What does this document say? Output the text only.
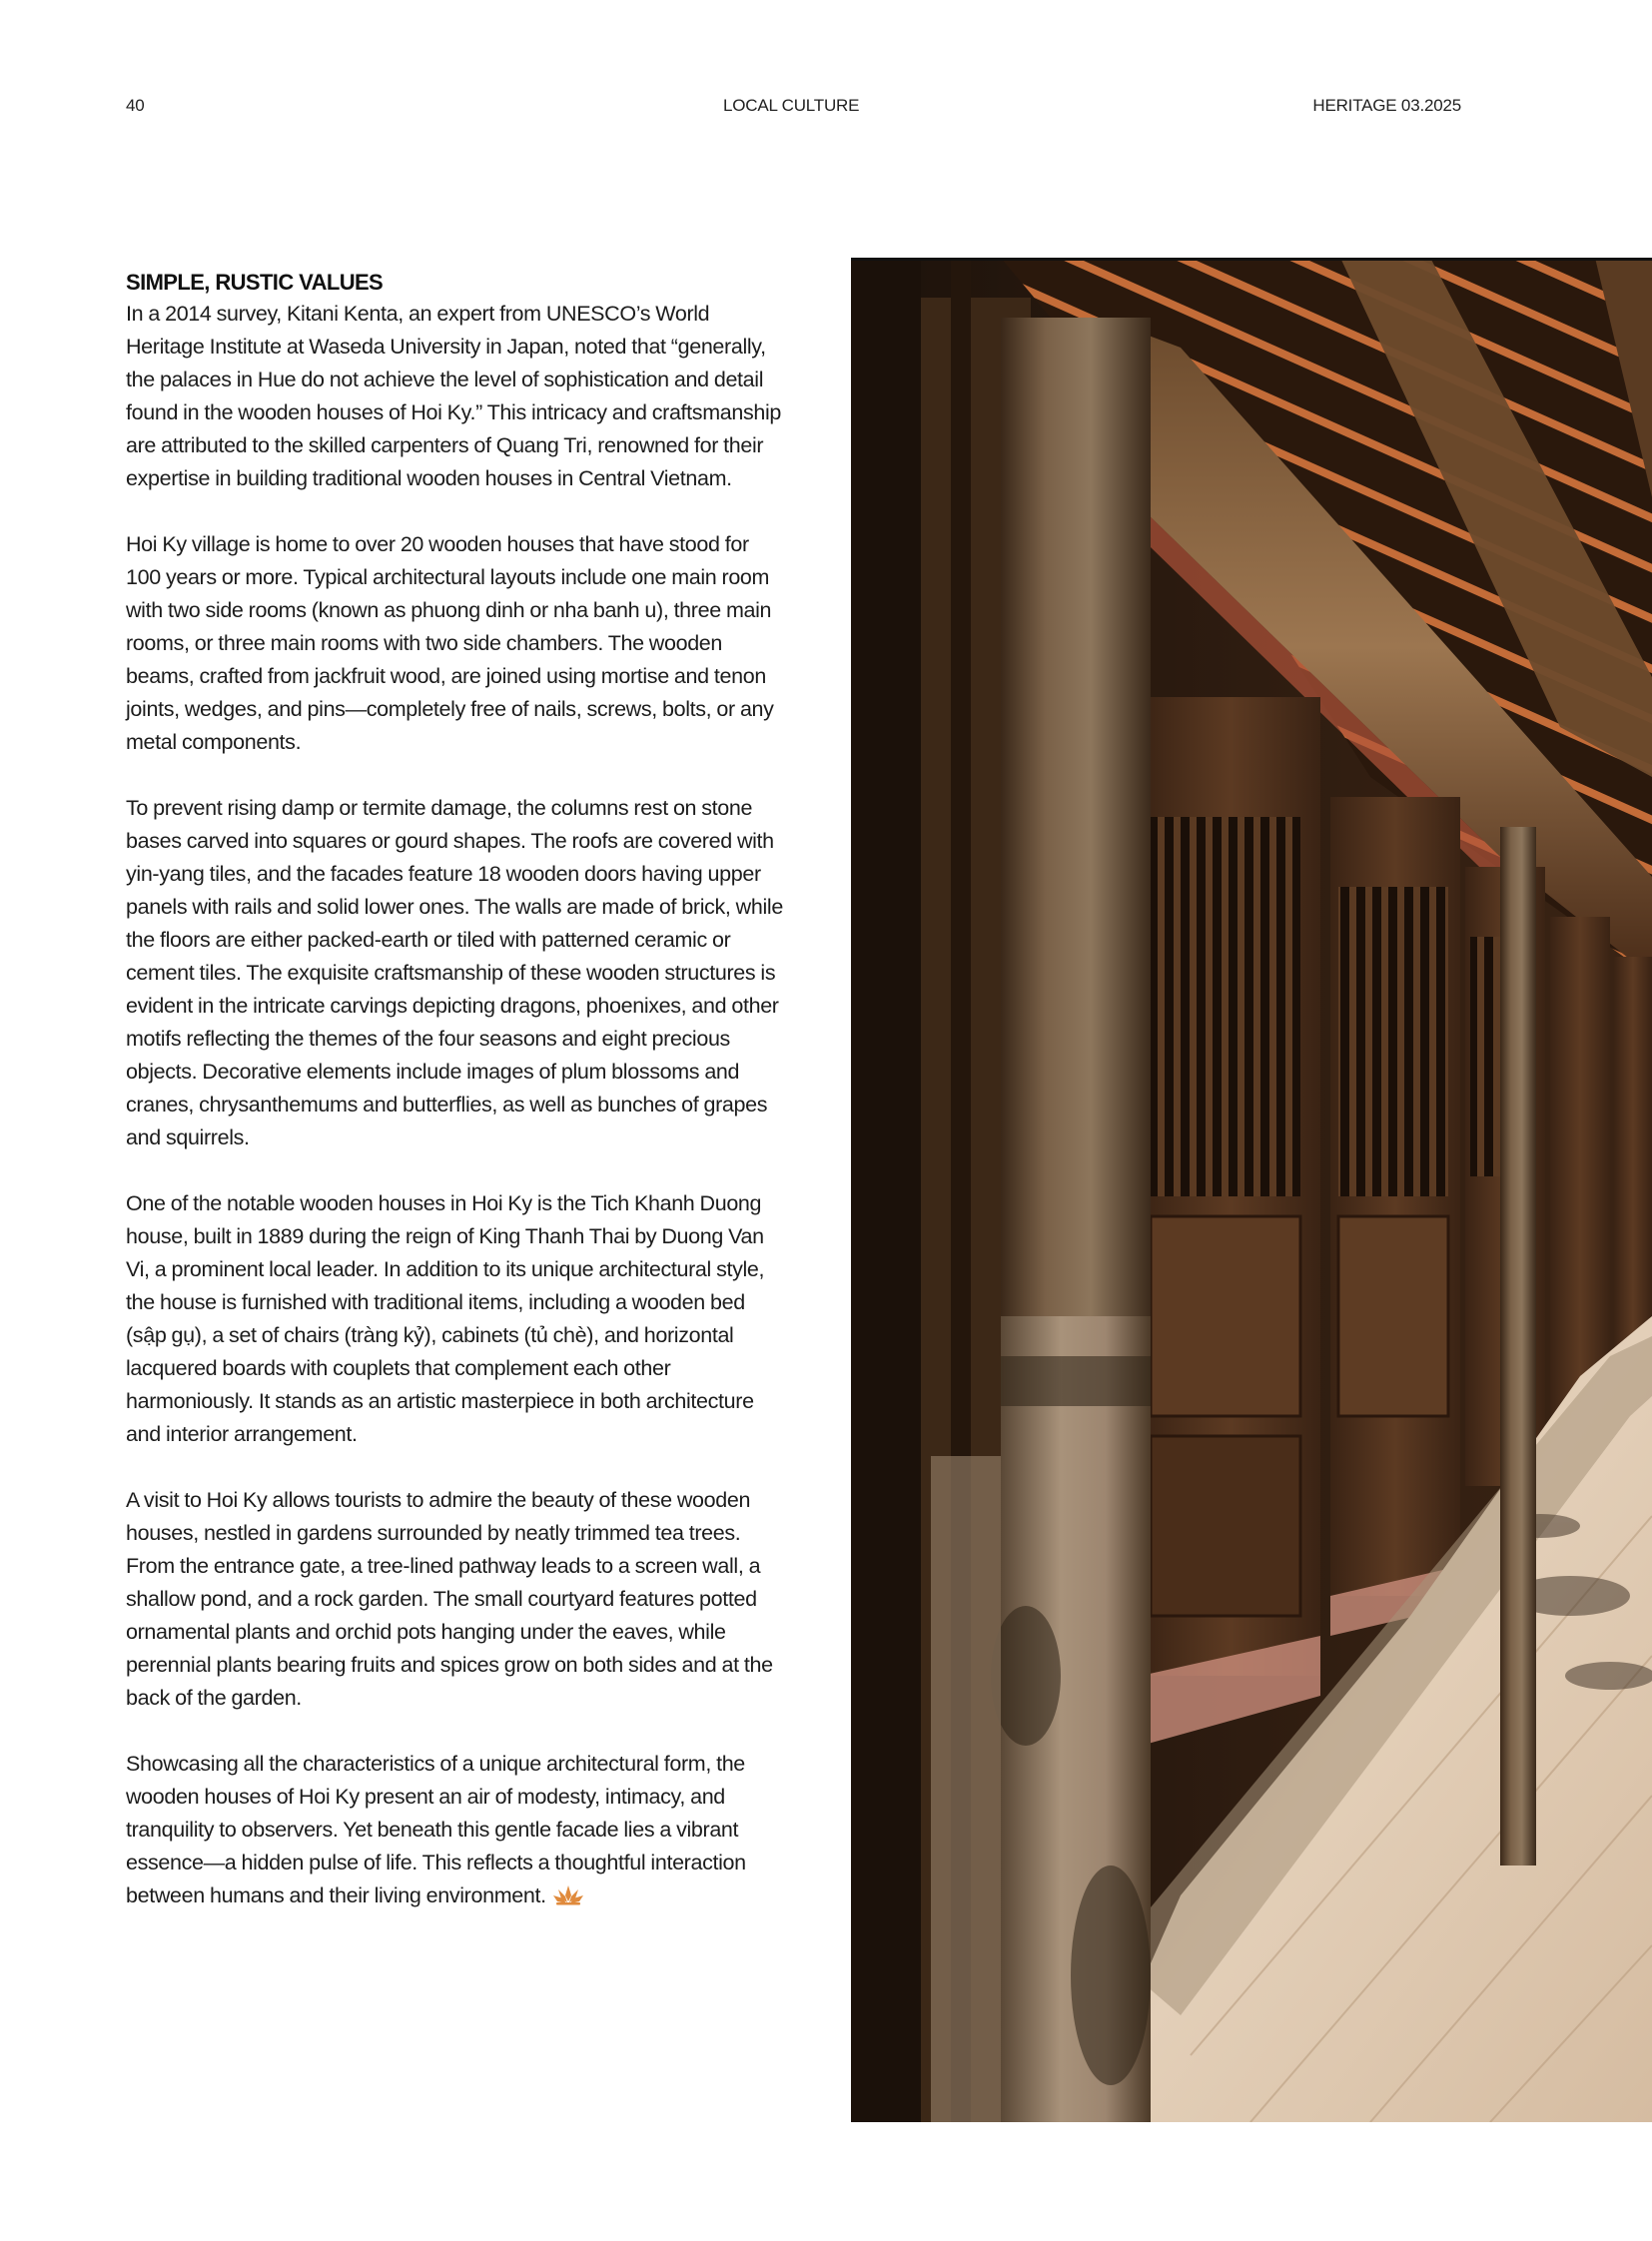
40	LOCAL CULTURE	HERITAGE 03.2025
SIMPLE, RUSTIC VALUES

In a 2014 survey, Kitani Kenta, an expert from UNESCO’s World Heritage Institute at Waseda University in Japan, noted that “generally, the palaces in Hue do not achieve the level of sophistication and detail found in the wooden houses of Hoi Ky.” This intricacy and craftsmanship are attributed to the skilled carpenters of Quang Tri, renowned for their expertise in building traditional wooden houses in Central Vietnam.

Hoi Ky village is home to over 20 wooden houses that have stood for 100 years or more. Typical architectural layouts include one main room with two side rooms (known as phuong dinh or nha banh u), three main rooms, or three main rooms with two side chambers. The wooden beams, crafted from jackfruit wood, are joined using mortise and tenon joints, wedges, and pins—completely free of nails, screws, bolts, or any metal components.

To prevent rising damp or termite damage, the columns rest on stone bases carved into squares or gourd shapes. The roofs are covered with yin-yang tiles, and the facades feature 18 wooden doors having upper panels with rails and solid lower ones. The walls are made of brick, while the floors are either packed-earth or tiled with patterned ceramic or cement tiles. The exquisite craftsmanship of these wooden structures is evident in the intricate carvings depicting dragons, phoenixes, and other motifs reflecting the themes of the four seasons and eight precious objects. Decorative elements include images of plum blossoms and cranes, chrysanthemums and butterflies, as well as bunches of grapes and squirrels.

One of the notable wooden houses in Hoi Ky is the Tich Khanh Duong house, built in 1889 during the reign of King Thanh Thai by Duong Van Vi, a prominent local leader. In addition to its unique architectural style, the house is furnished with traditional items, including a wooden bed (sập gụ), a set of chairs (tràng kỷ), cabinets (tủ chè), and horizontal lacquered boards with couplets that complement each other harmoniously. It stands as an artistic masterpiece in both architecture and interior arrangement.

A visit to Hoi Ky allows tourists to admire the beauty of these wooden houses, nestled in gardens surrounded by neatly trimmed tea trees. From the entrance gate, a tree-lined pathway leads to a screen wall, a shallow pond, and a rock garden. The small courtyard features potted ornamental plants and orchid pots hanging under the eaves, while perennial plants bearing fruits and spices grow on both sides and at the back of the garden.

Showcasing all the characteristics of a unique architectural form, the wooden houses of Hoi Ky present an air of modesty, intimacy, and tranquility to observers. Yet beneath this gentle facade lies a vibrant essence—a hidden pulse of life. This reflects a thoughtful interaction between humans and their living environment.
